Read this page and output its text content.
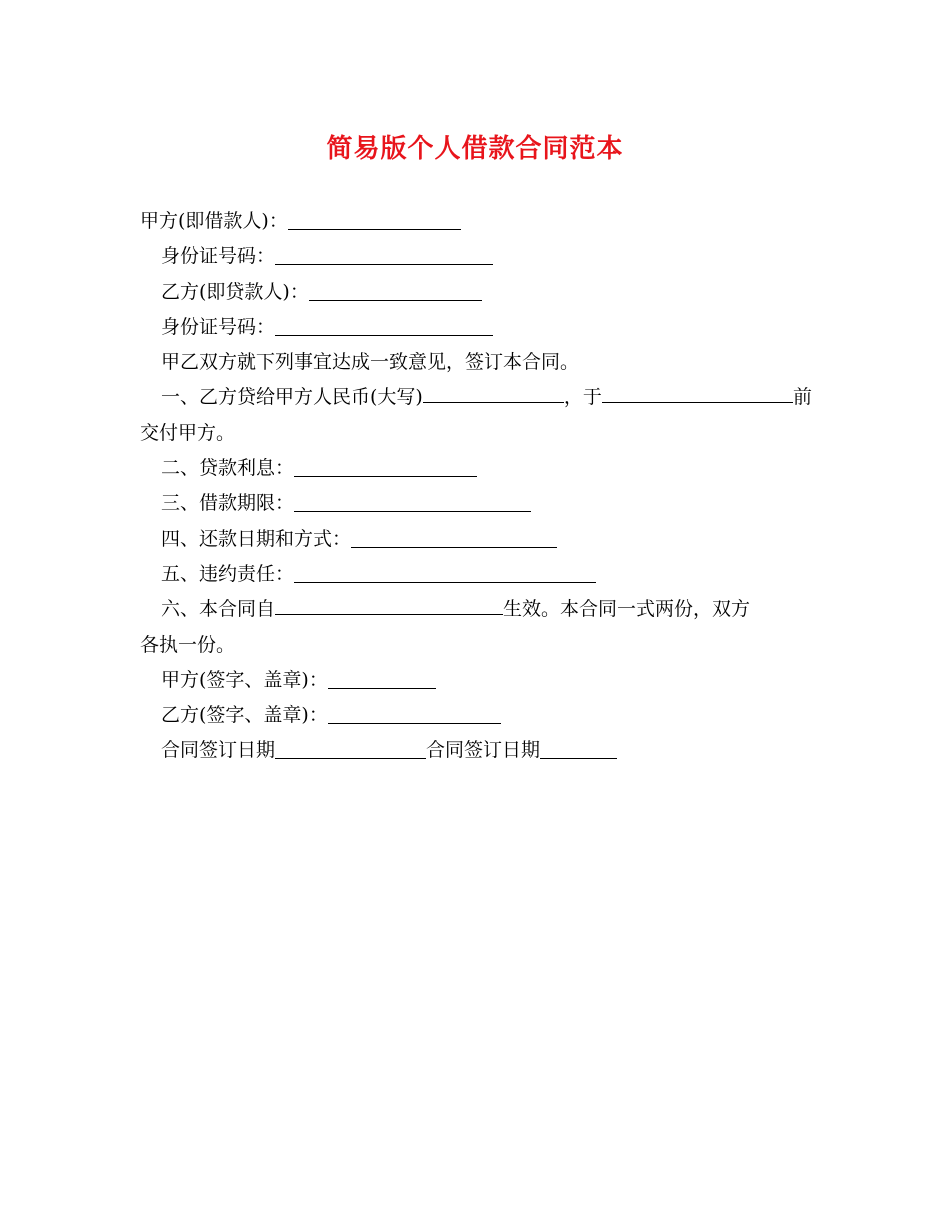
简易版个人借款合同范本
甲方(即借款人)：
身份证号码：
乙方(即贷款人)：
身份证号码：
甲乙双方就下列事宜达成一致意见，签订本合同。
一、乙方贷给甲方人民币(大写)	，于	前
交付甲方。
二、贷款利息：
三、借款期限：
四、还款日期和方式：
五、违约责任：
六、本合同自	生效。本合同一式两份，双方
各执一份。
甲方(签字、盖章)：
乙方(签字、盖章)：
合同签订日期	合同签订日期
